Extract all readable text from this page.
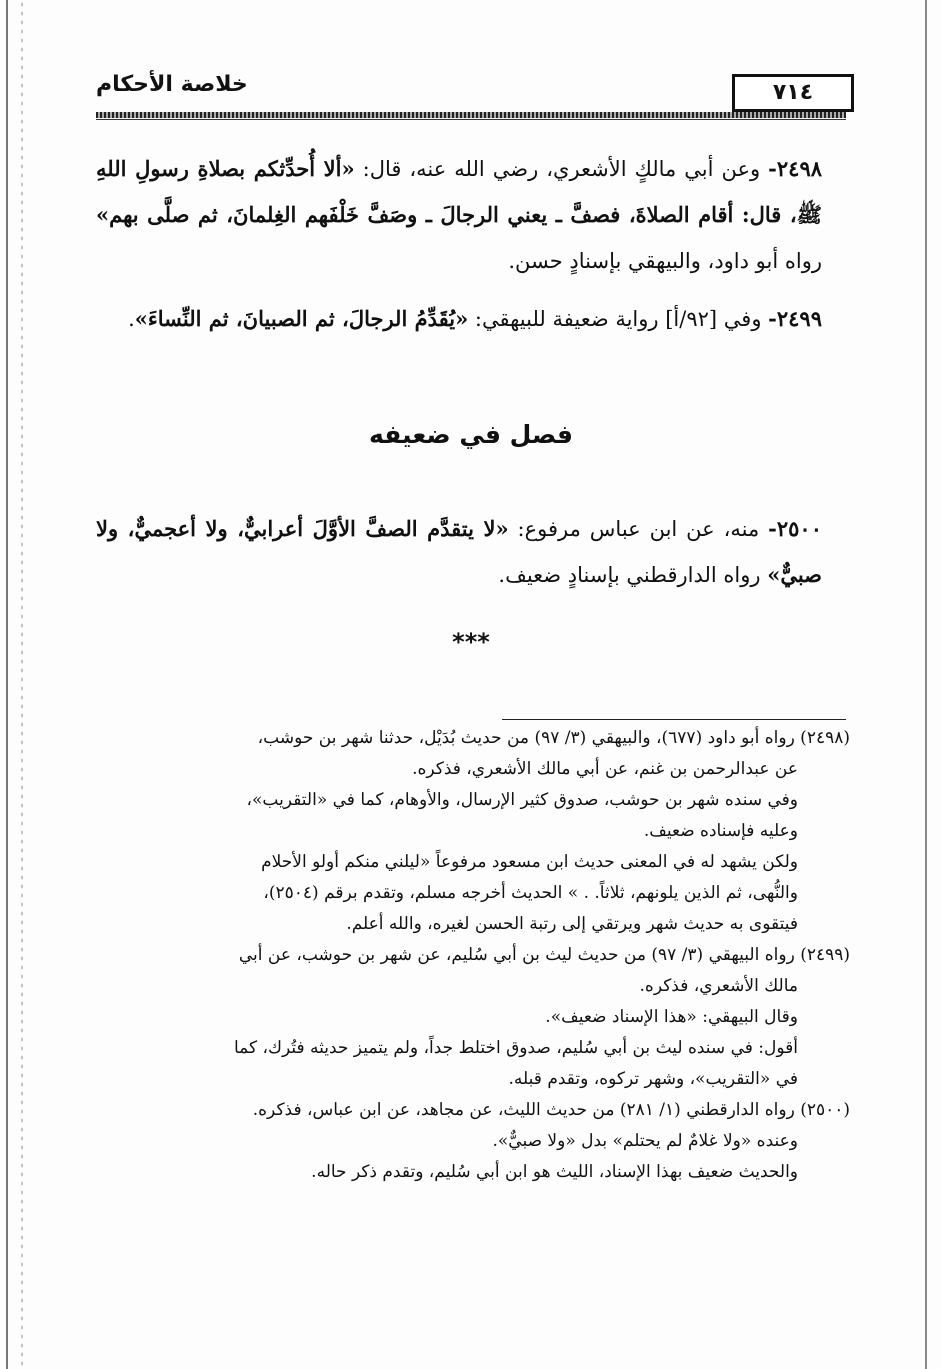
خلاصة الأحكام	٧١٤
٢٤٩٨- وعن أبي مالكٍ الأشعري، رضي الله عنه، قال: «ألا أُحدِّثكم بصلاةِ رسولِ اللهِ ﷺ، قال: أقام الصلاةَ، فصفَّ ـ يعني الرجالَ ـ وصَفَّ خَلْفَهم الغِلمانَ، ثم صلَّى بهم» رواه أبو داود، والبيهقي بإسنادٍ حسن.
٢٤٩٩- وفي [٩٢/أ] رواية ضعيفة للبيهقي: «يُقَدِّمُ الرجالَ، ثم الصبيانَ، ثم النِّساءَ».
فصل في ضعيفه
٢٥٠٠- منه، عن ابن عباس مرفوع: «لا يتقدَّم الصفَّ الأوَّلَ أعرابيٌّ، ولا أعجميٌّ، ولا صبيٌّ» رواه الدارقطني بإسنادٍ ضعيف.
***
(٢٤٩٨) رواه أبو داود (٦٧٧)، والبيهقي (٣/ ٩٧) من حديث بُدَيْل، حدثنا شهر بن حوشب،
عن عبدالرحمن بن غنم، عن أبي مالك الأشعري، فذكره.
وفي سنده شهر بن حوشب، صدوق كثير الإرسال، والأوهام، كما في «التقريب»،
وعليه فإسناده ضعيف.
ولكن يشهد له في المعنى حديث ابن مسعود مرفوعاً «ليلني منكم أولو الأحلام
والنُّهى، ثم الذين يلونهم، ثلاثاً. . » الحديث أخرجه مسلم، وتقدم برقم (٢٥٠٤)،
فيتقوى به حديث شهر ويرتقي إلى رتبة الحسن لغيره، والله أعلم.
(٢٤٩٩) رواه البيهقي (٣/ ٩٧) من حديث ليث بن أبي سُليم، عن شهر بن حوشب، عن أبي
مالك الأشعري، فذكره.
وقال البيهقي: «هذا الإسناد ضعيف».
أقول: في سنده ليث بن أبي سُليم، صدوق اختلط جداً، ولم يتميز حديثه فتُرك، كما
في «التقريب»، وشهر تركوه، وتقدم قبله.
(٢٥٠٠) رواه الدارقطني (١/ ٢٨١) من حديث الليث، عن مجاهد، عن ابن عباس، فذكره.
وعنده «ولا غلامٌ لم يحتلم» بدل «ولا صبيٌّ».
والحديث ضعيف بهذا الإسناد، الليث هو ابن أبي سُليم، وتقدم ذكر حاله.
